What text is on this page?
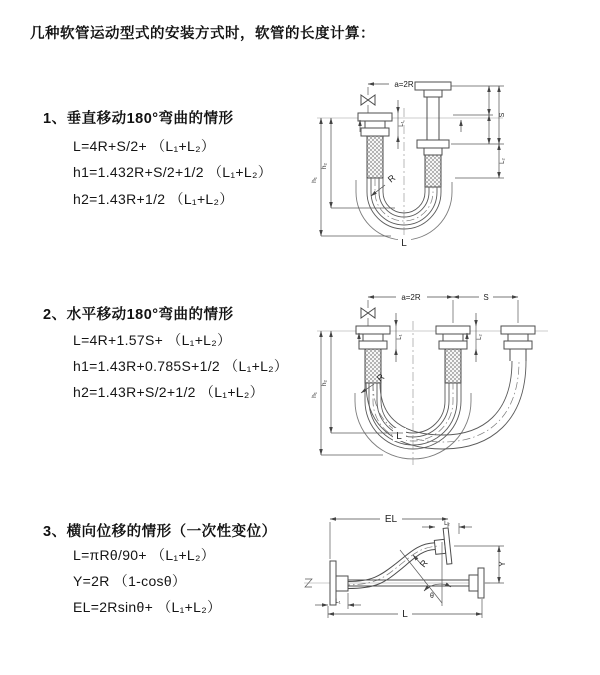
几种软管运动型式的安装方式时，软管的长度计算：
1、垂直移动180°弯曲的情形
L=4R+S/2+ （L₁+L₂）
h1=1.432R+S/2+1/2 （L₁+L₂）
h2=1.43R+1/2 （L₁+L₂）
2、水平移动180°弯曲的情形
L=4R+1.57S+ （L₁+L₂）
h1=1.43R+0.785S+1/2 （L₁+L₂）
h2=1.43R+S/2+1/2 （L₁+L₂）
3、横向位移的情形（一次性变位）
L=πRθ/90+ （L₁+L₂）
Y=2R （1-cosθ）
EL=2Rsinθ+ （L₁+L₂）
a=2R
R
L
h₁
h₂
S
L₂
L₁
a=2R	S
R
L
h₁
h₂
L₁	L₂
EL	L₂
θ
R	Y
L
L₁
